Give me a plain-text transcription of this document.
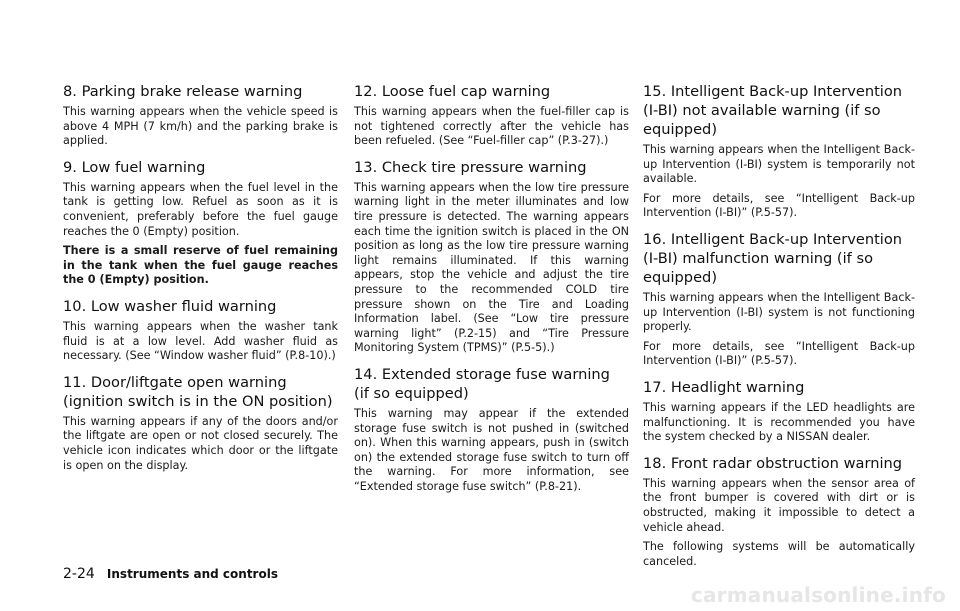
8. Parking brake release warning

This warning appears when the vehicle speed is above 4 MPH (7 km/h) and the parking brake is applied.

9. Low fuel warning

This warning appears when the fuel level in the tank is getting low. Refuel as soon as it is convenient, preferably before the fuel gauge reaches the 0 (Empty) position.

There is a small reserve of fuel remaining in the tank when the fuel gauge reaches the 0 (Empty) position.

10. Low washer fluid warning

This warning appears when the washer tank fluid is at a low level. Add washer fluid as necessary. (See “Window washer fluid” (P.8-10).)

11. Door/liftgate open warning (ignition switch is in the ON position)

This warning appears if any of the doors and/or the liftgate are open or not closed securely. The vehicle icon indicates which door or the liftgate is open on the display.

12. Loose fuel cap warning

This warning appears when the fuel-filler cap is not tightened correctly after the vehicle has been refueled. (See “Fuel-filler cap” (P.3-27).)

13. Check tire pressure warning

This warning appears when the low tire pressure warning light in the meter illuminates and low tire pressure is detected. The warning appears each time the ignition switch is placed in the ON position as long as the low tire pressure warning light remains illuminated. If this warning appears, stop the vehicle and adjust the tire pressure to the recommended COLD tire pressure shown on the Tire and Loading Information label. (See “Low tire pressure warning light” (P.2-15) and “Tire Pressure Monitoring System (TPMS)” (P.5-5).)

14. Extended storage fuse warning (if so equipped)

This warning may appear if the extended storage fuse switch is not pushed in (switched on). When this warning appears, push in (switch on) the extended storage fuse switch to turn off the warning. For more information, see “Extended storage fuse switch” (P.8-21).

15. Intelligent Back-up Intervention (I-BI) not available warning (if so equipped)

This warning appears when the Intelligent Back-up Intervention (I-BI) system is temporarily not available.

For more details, see “Intelligent Back-up Intervention (I-BI)” (P.5-57).

16. Intelligent Back-up Intervention (I-BI) malfunction warning (if so equipped)

This warning appears when the Intelligent Back-up Intervention (I-BI) system is not functioning properly.

For more details, see “Intelligent Back-up Intervention (I-BI)” (P.5-57).

17. Headlight warning

This warning appears if the LED headlights are malfunctioning. It is recommended you have the system checked by a NISSAN dealer.

18. Front radar obstruction warning

This warning appears when the sensor area of the front bumper is covered with dirt or is obstructed, making it impossible to detect a vehicle ahead.

The following systems will be automatically canceled.

2-24 Instruments and controls
carmanualsonline.info
